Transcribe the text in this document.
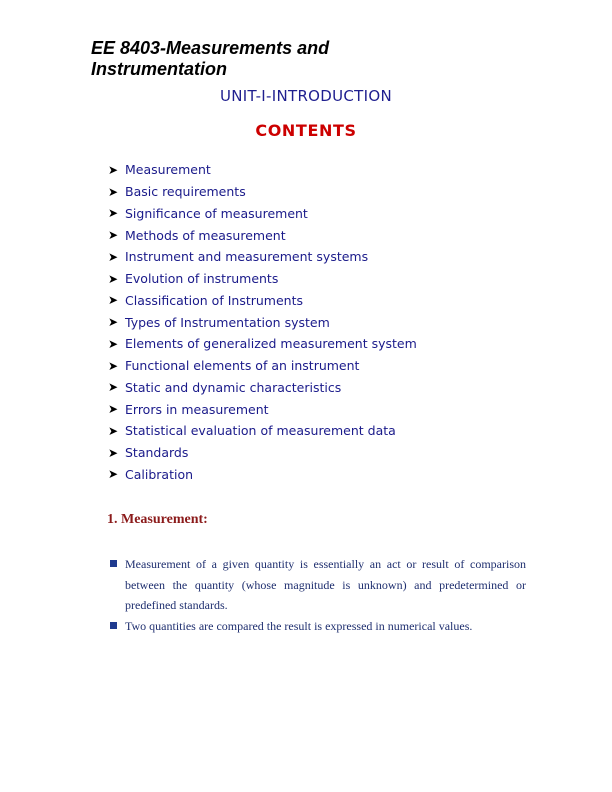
EE 8403-Measurements and Instrumentation
UNIT-I-INTRODUCTION
CONTENTS
➤ Measurement
➤ Basic requirements
➤ Significance of measurement
➤ Methods of measurement
➤ Instrument and measurement systems
➤ Evolution of instruments
➤ Classification of Instruments
➤ Types of Instrumentation system
➤ Elements of generalized measurement system
➤ Functional elements of an instrument
➤ Static and dynamic characteristics
➤ Errors in measurement
➤ Statistical evaluation of measurement data
➤ Standards
➤ Calibration
1. Measurement:
Measurement of a given quantity is essentially an act or result of comparison between the quantity (whose magnitude is unknown) and predetermined or predefined standards.
Two quantities are compared the result is expressed in numerical values.
